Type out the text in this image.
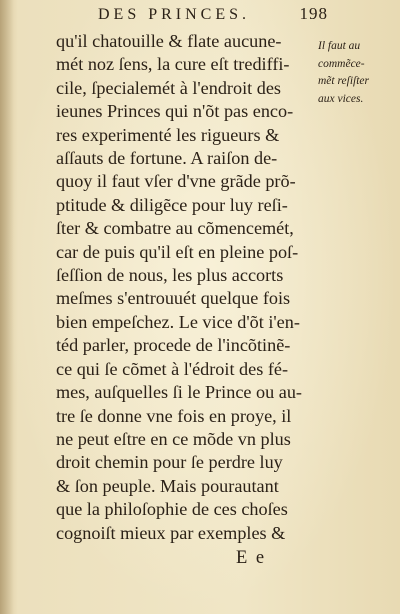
DES PRINCES.	198
qu'il chatouille & flate aucune-
mét noz ſens, la cure eſt trediffi-
cile, ſpecialemét à l'endroit des
ieunes Princes qui n'õt pas enco-
res experimenté les rigueurs &
aſſauts de fortune. A raiſon de-
quoy il faut vſer d'vne grãde prõ-
ptitude & diligẽce pour luy reſi-
ſter & combatre au cõmencemét,
car de puis qu'il eſt en pleine poſ-
ſeſſion de nous, les plus accorts
meſmes s'entrouuét quelque fois
bien empeſchez. Le vice d'õt i'en-
téd parler, procede de l'incõtinẽ-
ce qui ſe cõmet à l'édroit des fé-
mes, auſquelles ſi le Prince ou au-
tre ſe donne vne fois en proye, il
ne peut eſtre en ce mõde vn plus
droit chemin pour ſe perdre luy
& ſon peuple. Mais pourautant
que la philoſophie de ces choſes
cognoiſt mieux par exemples &
Il faut au
commẽce-
mẽt reſiſter
aux vices.
E e
